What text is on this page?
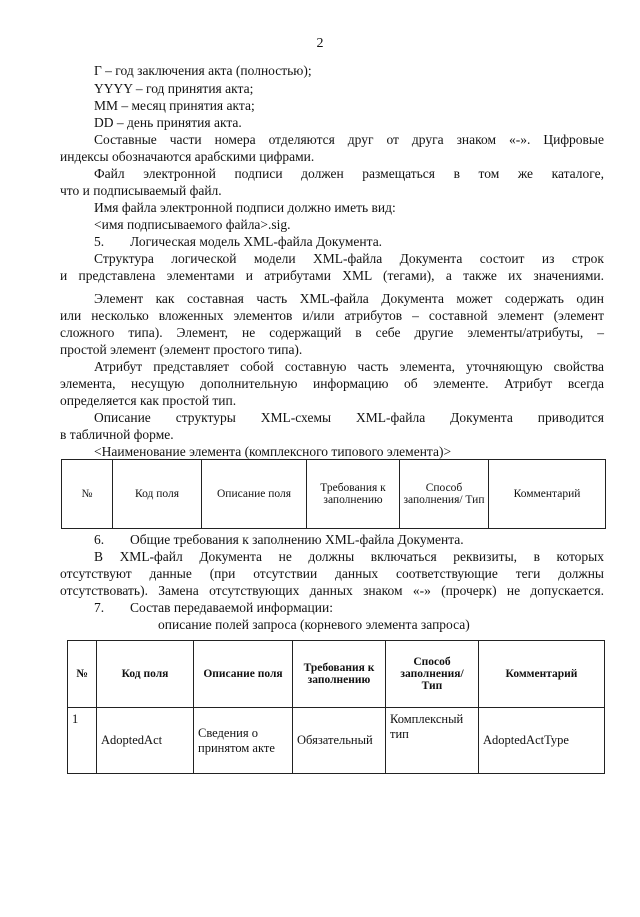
2
Г – год заключения акта (полностью);
YYYY – год принятия акта;
MM – месяц принятия акта;
DD – день принятия акта.
Составные части номера отделяются друг от друга знаком «-». Цифровые
индексы обозначаются арабскими цифрами.
Файл электронной подписи должен размещаться в том же каталоге,
что и подписываемый файл.
Имя файла электронной подписи должно иметь вид:
<имя подписываемого файла>.sig.
5. Логическая модель XML-файла Документа.
Структура логической модели XML-файла Документа состоит из строк
и представлена элементами и атрибутами XML (тегами), а также их значениями.
Элемент как составная часть XML-файла Документа может содержать один
или несколько вложенных элементов и/или атрибутов – составной элемент (элемент
сложного типа). Элемент, не содержащий в себе другие элементы/атрибуты, –
простой элемент (элемент простого типа).
Атрибут представляет собой составную часть элемента, уточняющую свойства
элемента, несущую дополнительную информацию об элементе. Атрибут всегда
определяется как простой тип.
Описание структуры XML-схемы XML-файла Документа приводится
в табличной форме.
<Наименование элемента (комплексного типового элемента)>
№	Код поля	Описание поля	Требования к заполнению	Способ заполнения/ Тип	Комментарий
6. Общие требования к заполнению XML-файла Документа.
В XML-файл Документа не должны включаться реквизиты, в которых
отсутствуют данные (при отсутствии данных соответствующие теги должны
отсутствовать). Замена отсутствующих данных знаком «-» (прочерк) не допускается.
7. Состав передаваемой информации:
описание полей запроса (корневого элемента запроса)
№	Код поля	Описание поля	Требования к заполнению	Способ заполнения/ Тип	Комментарий
1	AdoptedAct	Сведения о принятом акте	Обязательный	Комплексный тип	AdoptedActType
